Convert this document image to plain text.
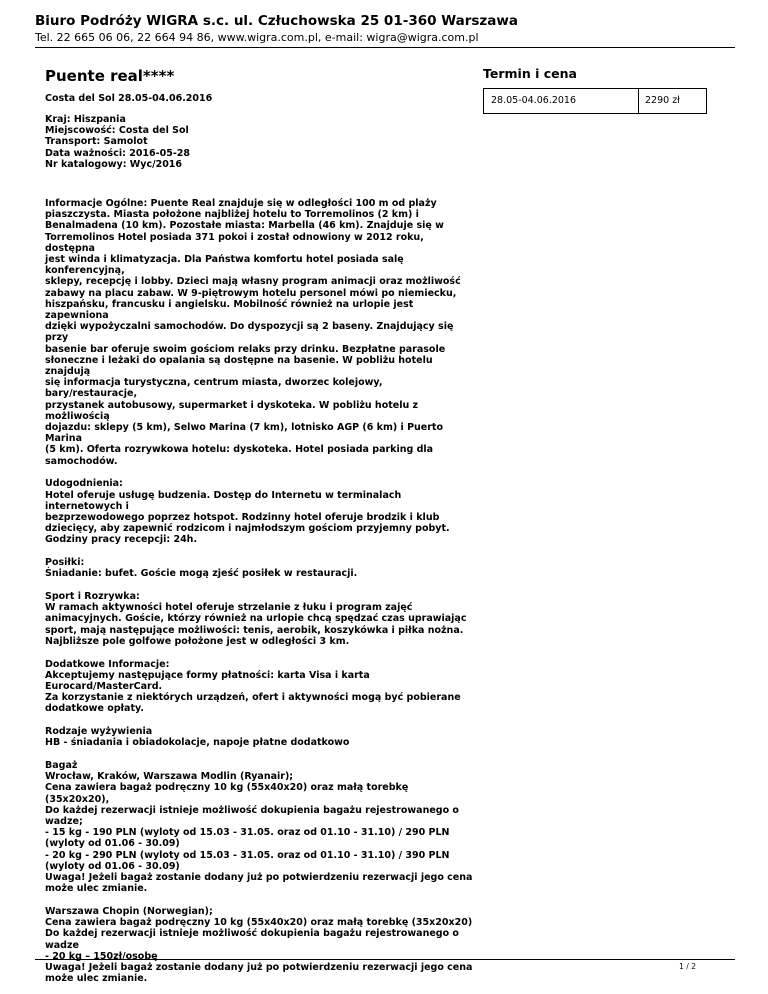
Biuro Podróży WIGRA s.c. ul. Człuchowska 25 01-360 Warszawa
Tel. 22 665 06 06, 22 664 94 86, www.wigra.com.pl, e-mail: wigra@wigra.com.pl
Puente real****
Costa del Sol 28.05-04.06.2016
Kraj: Hiszpania
Miejscowość: Costa del Sol
Transport: Samolot
Data ważności: 2016-05-28
Nr katalogowy: Wyc/2016
Informacje Ogólne: Puente Real znajduje się w odległości 100 m od plaży
piaszczysta. Miasta położone najbliżej hotelu to Torremolinos (2 km) i
Benalmadena (10 km). Pozostałe miasta: Marbella (46 km). Znajduje się w
Torremolinos Hotel posiada 371 pokoi i został odnowiony w 2012 roku, dostępna
jest winda i klimatyzacja. Dla Państwa komfortu hotel posiada salę konferencyjną,
sklepy, recepcję i lobby. Dzieci mają własny program animacji oraz możliwość
zabawy na placu zabaw. W 9-piętrowym hotelu personel mówi po niemiecku,
hiszpańsku, francusku i angielsku. Mobilność również na urlopie jest zapewniona
dzięki wypożyczalni samochodów. Do dyspozycji są 2 baseny. Znajdujący się przy
basenie bar oferuje swoim gościom relaks przy drinku. Bezpłatne parasole
słoneczne i leżaki do opalania są dostępne na basenie. W pobliżu hotelu znajdują
się informacja turystyczna, centrum miasta, dworzec kolejowy, bary/restauracje,
przystanek autobusowy, supermarket i dyskoteka. W pobliżu hotelu z możliwością
dojazdu: sklepy (5 km), Selwo Marina (7 km), lotnisko AGP (6 km) i Puerto Marina
(5 km). Oferta rozrywkowa hotelu: dyskoteka. Hotel posiada parking dla
samochodów.
Udogodnienia:
Hotel oferuje usługę budzenia. Dostęp do Internetu w terminalach internetowych i
bezprzewodowego poprzez hotspot. Rodzinny hotel oferuje brodzik i klub
dziecięcy, aby zapewnić rodzicom i najmłodszym gościom przyjemny pobyt.
Godziny pracy recepcji: 24h.
Posiłki:
Śniadanie: bufet. Goście mogą zjeść posiłek w restauracji.
Sport i Rozrywka:
W ramach aktywności hotel oferuje strzelanie z łuku i program zajęć
animacyjnych. Goście, którzy również na urlopie chcą spędzać czas uprawiając
sport, mają następujące możliwości: tenis, aerobik, koszykówka i piłka nożna.
Najbliższe pole golfowe położone jest w odległości 3 km.
Dodatkowe Informacje:
Akceptujemy następujące formy płatności: karta Visa i karta Eurocard/MasterCard.
Za korzystanie z niektórych urządzeń, ofert i aktywności mogą być pobierane
dodatkowe opłaty.
Rodzaje wyżywienia
HB - śniadania i obiadokolacje, napoje płatne dodatkowo
Bagaż
Wrocław, Kraków, Warszawa Modlin (Ryanair);
Cena zawiera bagaż podręczny 10 kg (55x40x20) oraz małą torebkę (35x20x20),
Do każdej rezerwacji istnieje możliwość dokupienia bagażu rejestrowanego o
wadze;
- 15 kg - 190 PLN (wyloty od 15.03 - 31.05. oraz od 01.10 - 31.10) / 290 PLN
(wyloty od 01.06 - 30.09)
- 20 kg - 290 PLN (wyloty od 15.03 - 31.05. oraz od 01.10 - 31.10) / 390 PLN
(wyloty od 01.06 - 30.09)
Uwaga! Jeżeli bagaż zostanie dodany już po potwierdzeniu rezerwacji jego cena
może ulec zmianie.
Warszawa Chopin (Norwegian);
Cena zawiera bagaż podręczny 10 kg (55x40x20) oraz małą torebkę (35x20x20)
Do każdej rezerwacji istnieje możliwość dokupienia bagażu rejestrowanego o
wadze
- 20 kg – 150zł/osobę
Uwaga! Jeżeli bagaż zostanie dodany już po potwierdzeniu rezerwacji jego cena
może ulec zmianie.
Termin i cena
28.05-04.06.2016	2290 zł
1 / 2
